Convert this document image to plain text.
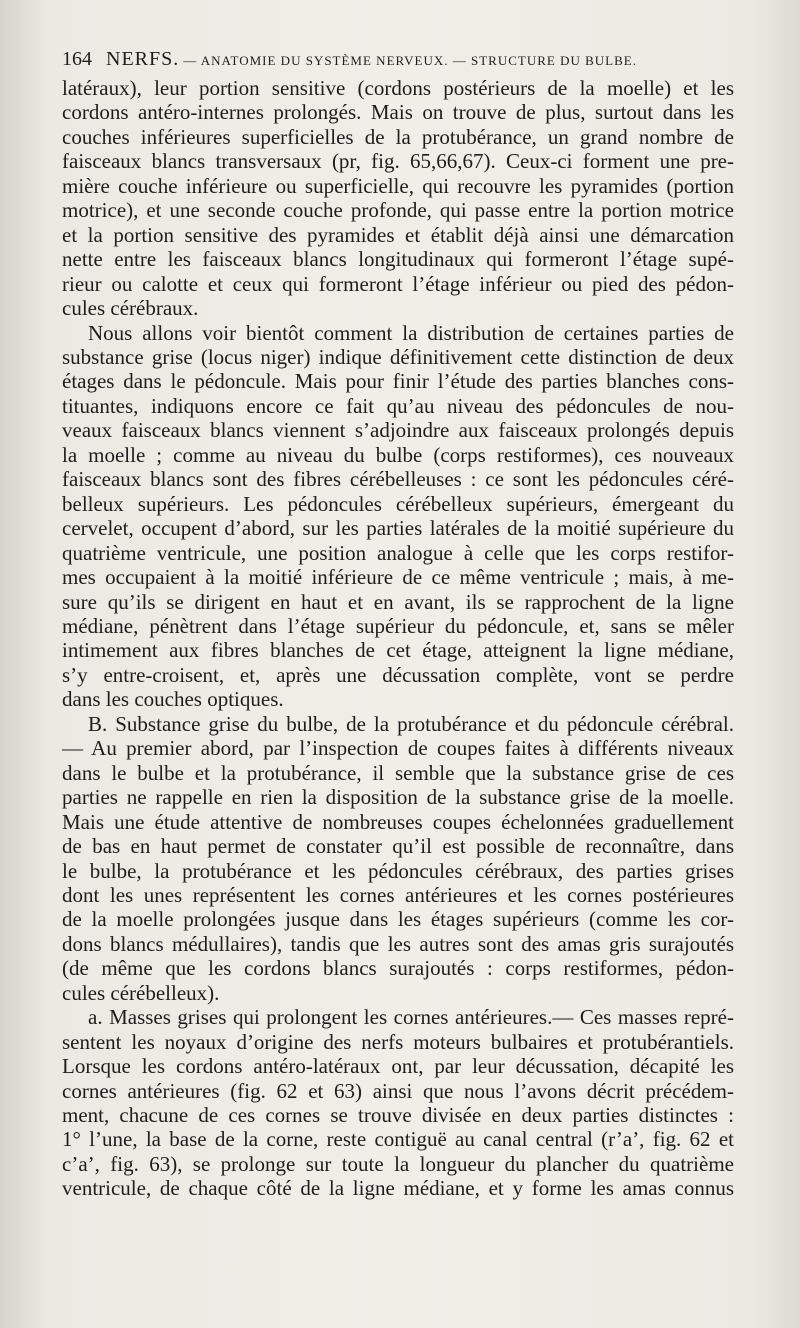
164 NERFS. — ANATOMIE DU SYSTÈME NERVEUX. — STRUCTURE DU BULBE.
latéraux), leur portion sensitive (cordons postérieurs de la moelle) et les
cordons antéro-internes prolongés. Mais on trouve de plus, surtout dans les
couches inférieures superficielles de la protubérance, un grand nombre de
faisceaux blancs transversaux (pr, fig. 65,66,67). Ceux-ci forment une pre-
mière couche inférieure ou superficielle, qui recouvre les pyramides (portion
motrice), et une seconde couche profonde, qui passe entre la portion motrice
et la portion sensitive des pyramides et établit déjà ainsi une démarcation
nette entre les faisceaux blancs longitudinaux qui formeront l’étage supé-
rieur ou calotte et ceux qui formeront l’étage inférieur ou pied des pédon-
cules cérébraux.
Nous allons voir bientôt comment la distribution de certaines parties de
substance grise (locus niger) indique définitivement cette distinction de deux
étages dans le pédoncule. Mais pour finir l’étude des parties blanches cons-
tituantes, indiquons encore ce fait qu’au niveau des pédoncules de nou-
veaux faisceaux blancs viennent s’adjoindre aux faisceaux prolongés depuis
la moelle ; comme au niveau du bulbe (corps restiformes), ces nouveaux
faisceaux blancs sont des fibres cérébelleuses : ce sont les pédoncules céré-
belleux supérieurs. Les pédoncules cérébelleux supérieurs, émergeant du
cervelet, occupent d’abord, sur les parties latérales de la moitié supérieure du
quatrième ventricule, une position analogue à celle que les corps restifor-
mes occupaient à la moitié inférieure de ce même ventricule ; mais, à me-
sure qu’ils se dirigent en haut et en avant, ils se rapprochent de la ligne
médiane, pénètrent dans l’étage supérieur du pédoncule, et, sans se mêler
intimement aux fibres blanches de cet étage, atteignent la ligne médiane,
s’y entre-croisent, et, après une décussation complète, vont se perdre
dans les couches optiques.
B. Substance grise du bulbe, de la protubérance et du pédoncule cérébral.
— Au premier abord, par l’inspection de coupes faites à différents niveaux
dans le bulbe et la protubérance, il semble que la substance grise de ces
parties ne rappelle en rien la disposition de la substance grise de la moelle.
Mais une étude attentive de nombreuses coupes échelonnées graduellement
de bas en haut permet de constater qu’il est possible de reconnaître, dans
le bulbe, la protubérance et les pédoncules cérébraux, des parties grises
dont les unes représentent les cornes antérieures et les cornes postérieures
de la moelle prolongées jusque dans les étages supérieurs (comme les cor-
dons blancs médullaires), tandis que les autres sont des amas gris surajoutés
(de même que les cordons blancs surajoutés : corps restiformes, pédon-
cules cérébelleux).
a. Masses grises qui prolongent les cornes antérieures.— Ces masses repré-
sentent les noyaux d’origine des nerfs moteurs bulbaires et protubérantiels.
Lorsque les cordons antéro-latéraux ont, par leur décussation, décapité les
cornes antérieures (fig. 62 et 63) ainsi que nous l’avons décrit précédem-
ment, chacune de ces cornes se trouve divisée en deux parties distinctes :
1° l’une, la base de la corne, reste contiguë au canal central (r’a’, fig. 62 et
c’a’, fig. 63), se prolonge sur toute la longueur du plancher du quatrième
ventricule, de chaque côté de la ligne médiane, et y forme les amas connus
